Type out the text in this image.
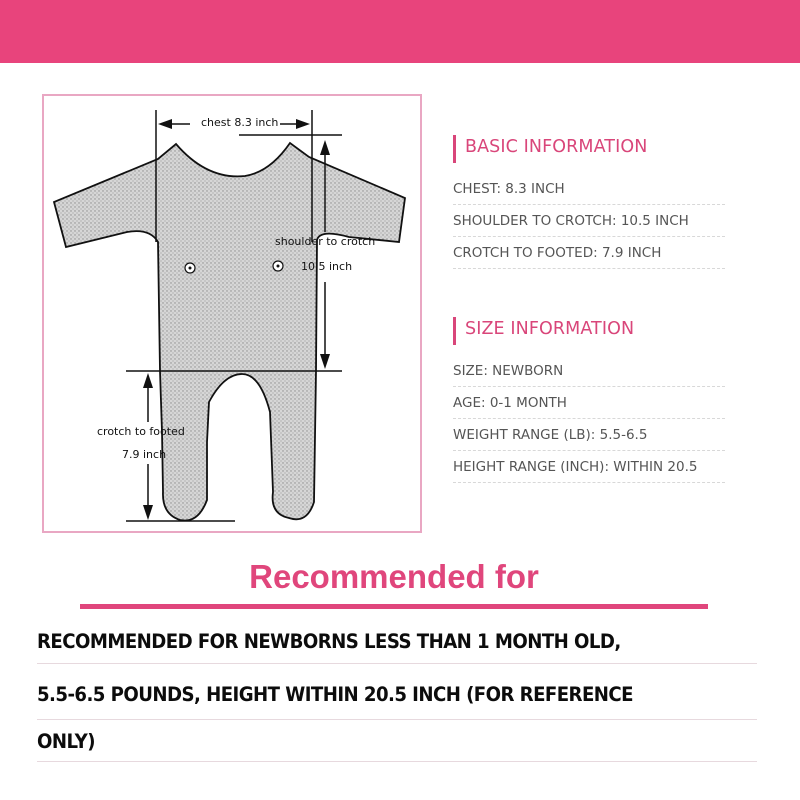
chest 8.3 inch
shoulder to crotch
10.5 inch
crotch to footed
7.9 inch
BASIC INFORMATION
CHEST: 8.3 INCH
SHOULDER TO CROTCH: 10.5 INCH
CROTCH TO FOOTED: 7.9 INCH
SIZE INFORMATION
SIZE: NEWBORN
AGE: 0-1 MONTH
WEIGHT RANGE (LB): 5.5-6.5
HEIGHT RANGE (INCH): WITHIN 20.5
Recommended for
RECOMMENDED FOR NEWBORNS LESS THAN 1 MONTH OLD,
5.5-6.5 POUNDS, HEIGHT WITHIN 20.5 INCH (FOR REFERENCE
ONLY)
